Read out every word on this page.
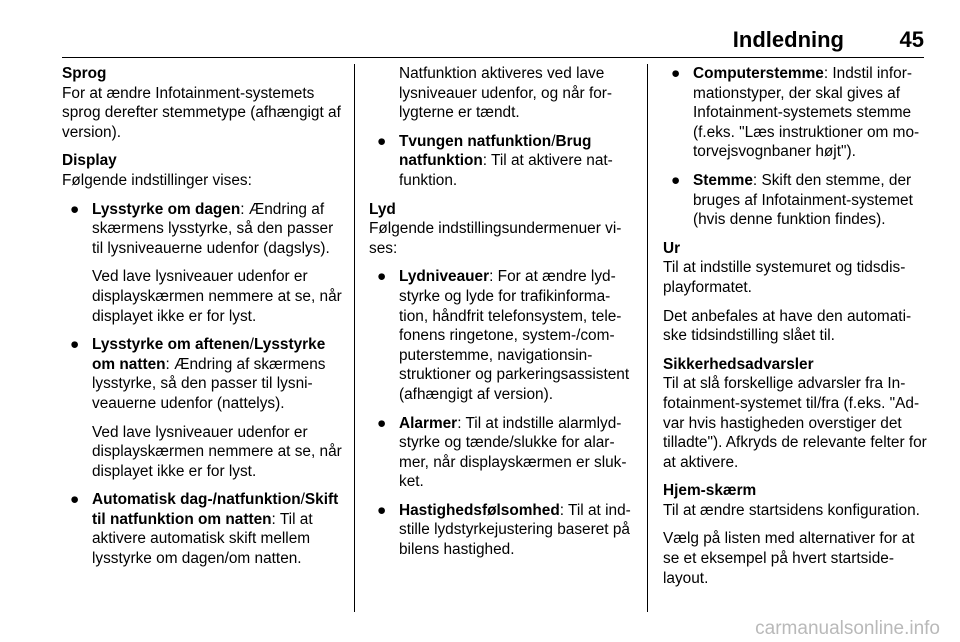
Indledning	45
Sprog
For at ændre Infotainment-systemets sprog derefter stemmetype (afhængigt af version).
Display
Følgende indstillinger vises:
● Lysstyrke om dagen: Ændring af skærmens lysstyrke, så den passer til lysniveauerne udenfor (dagslys).
Ved lave lysniveauer udenfor er displayskærmen nemmere at se, når displayet ikke er for lyst.
● Lysstyrke om aftenen/Lysstyrke om natten: Ændring af skærmens lysstyrke, så den passer til lysniveauerne udenfor (nattelys).
Ved lave lysniveauer udenfor er displayskærmen nemmere at se, når displayet ikke er for lyst.
● Automatisk dag-/natfunktion/Skift til natfunktion om natten: Til at aktivere automatisk skift mellem lysstyrke om dagen/om natten.
Natfunktion aktiveres ved lave lysniveauer udenfor, og når forlygterne er tændt.
● Tvungen natfunktion/Brug natfunktion: Til at aktivere natfunktion.
Lyd
Følgende indstillingsundermenuer vises:
● Lydniveauer: For at ændre lydstyrke og lyde for trafikinformation, håndfrit telefonsystem, telefonens ringetone, system-/computerstemme, navigationsinstruktioner og parkeringsassistent (afhængigt af version).
● Alarmer: Til at indstille alarmlydstyrke og tænde/slukke for alarmer, når displayskærmen er slukket.
● Hastighedsfølsomhed: Til at indstille lydstyrkejustering baseret på bilens hastighed.
● Computerstemme: Indstil informationstyper, der skal gives af Infotainment-systemets stemme (f.eks. "Læs instruktioner om motorvejsvognbaner højt").
● Stemme: Skift den stemme, der bruges af Infotainment-systemet (hvis denne funktion findes).
Ur
Til at indstille systemuret og tidsdisplayformatet.
Det anbefales at have den automatiske tidsindstilling slået til.
Sikkerhedsadvarsler
Til at slå forskellige advarsler fra Infotainment-systemet til/fra (f.eks. "Advar hvis hastigheden overstiger det tilladte"). Afkryds de relevante felter for at aktivere.
Hjem-skærm
Til at ændre startsidens konfiguration.
Vælg på listen med alternativer for at se et eksempel på hvert startsidelayout.
carmanualsonline.info
